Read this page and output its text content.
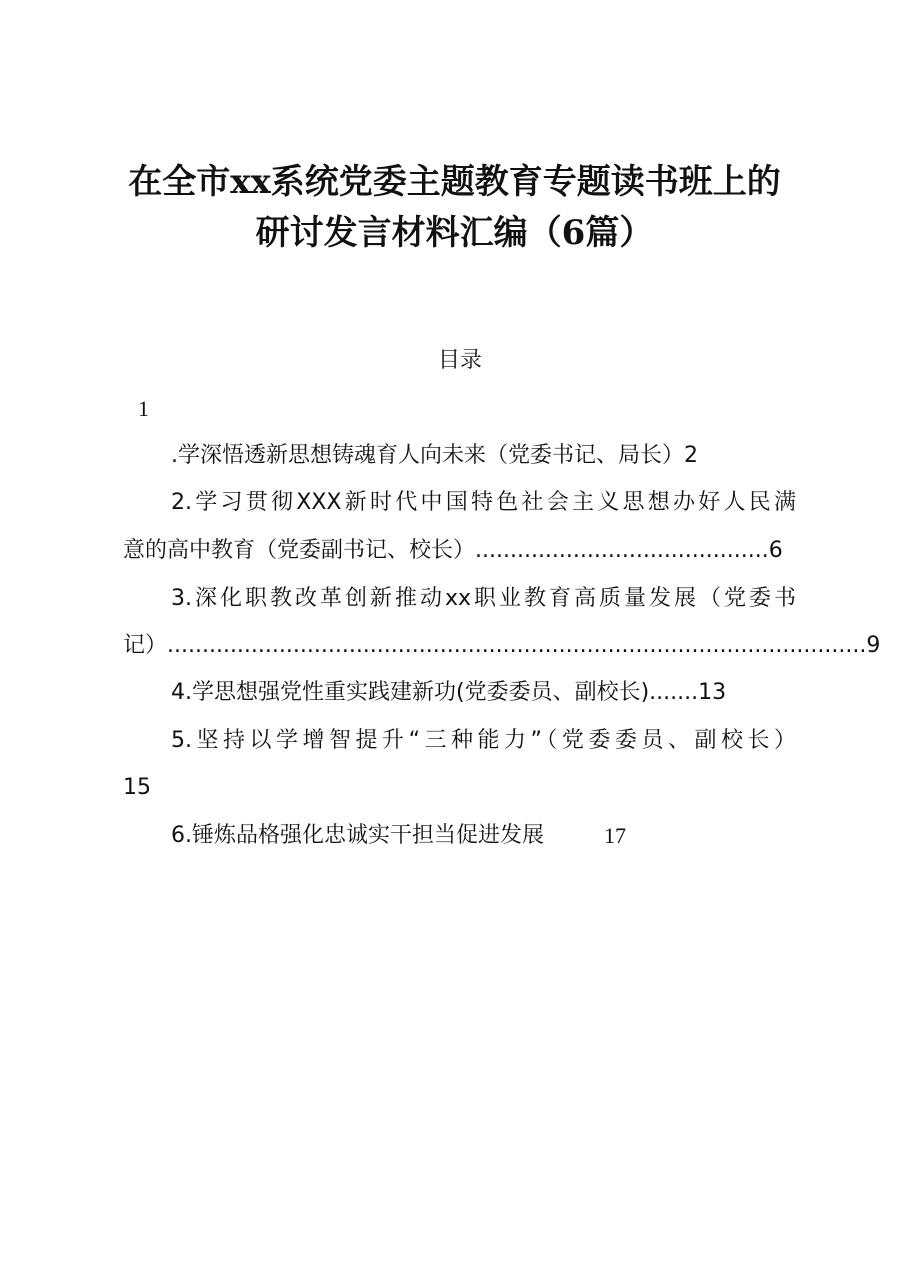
在全市xx系统党委主题教育专题读书班上的
研讨发言材料汇编（6篇）
目录
1
.学深悟透新思想铸魂育人向未来（党委书记、局长）2
2.学习贯彻XXX新时代中国特色社会主义思想办好人民满
意的高中教育（党委副书记、校长）..........................................6
3.深化职教改革创新推动xx职业教育高质量发展（党委书
记）....................................................................................................9
4.学思想强党性重实践建新功(党委委员、副校长).......13
5.坚持以学增智提升“三种能力”（党委委员、副校长）
15
6.锤炼品格强化忠诚实干担当促进发展	17
